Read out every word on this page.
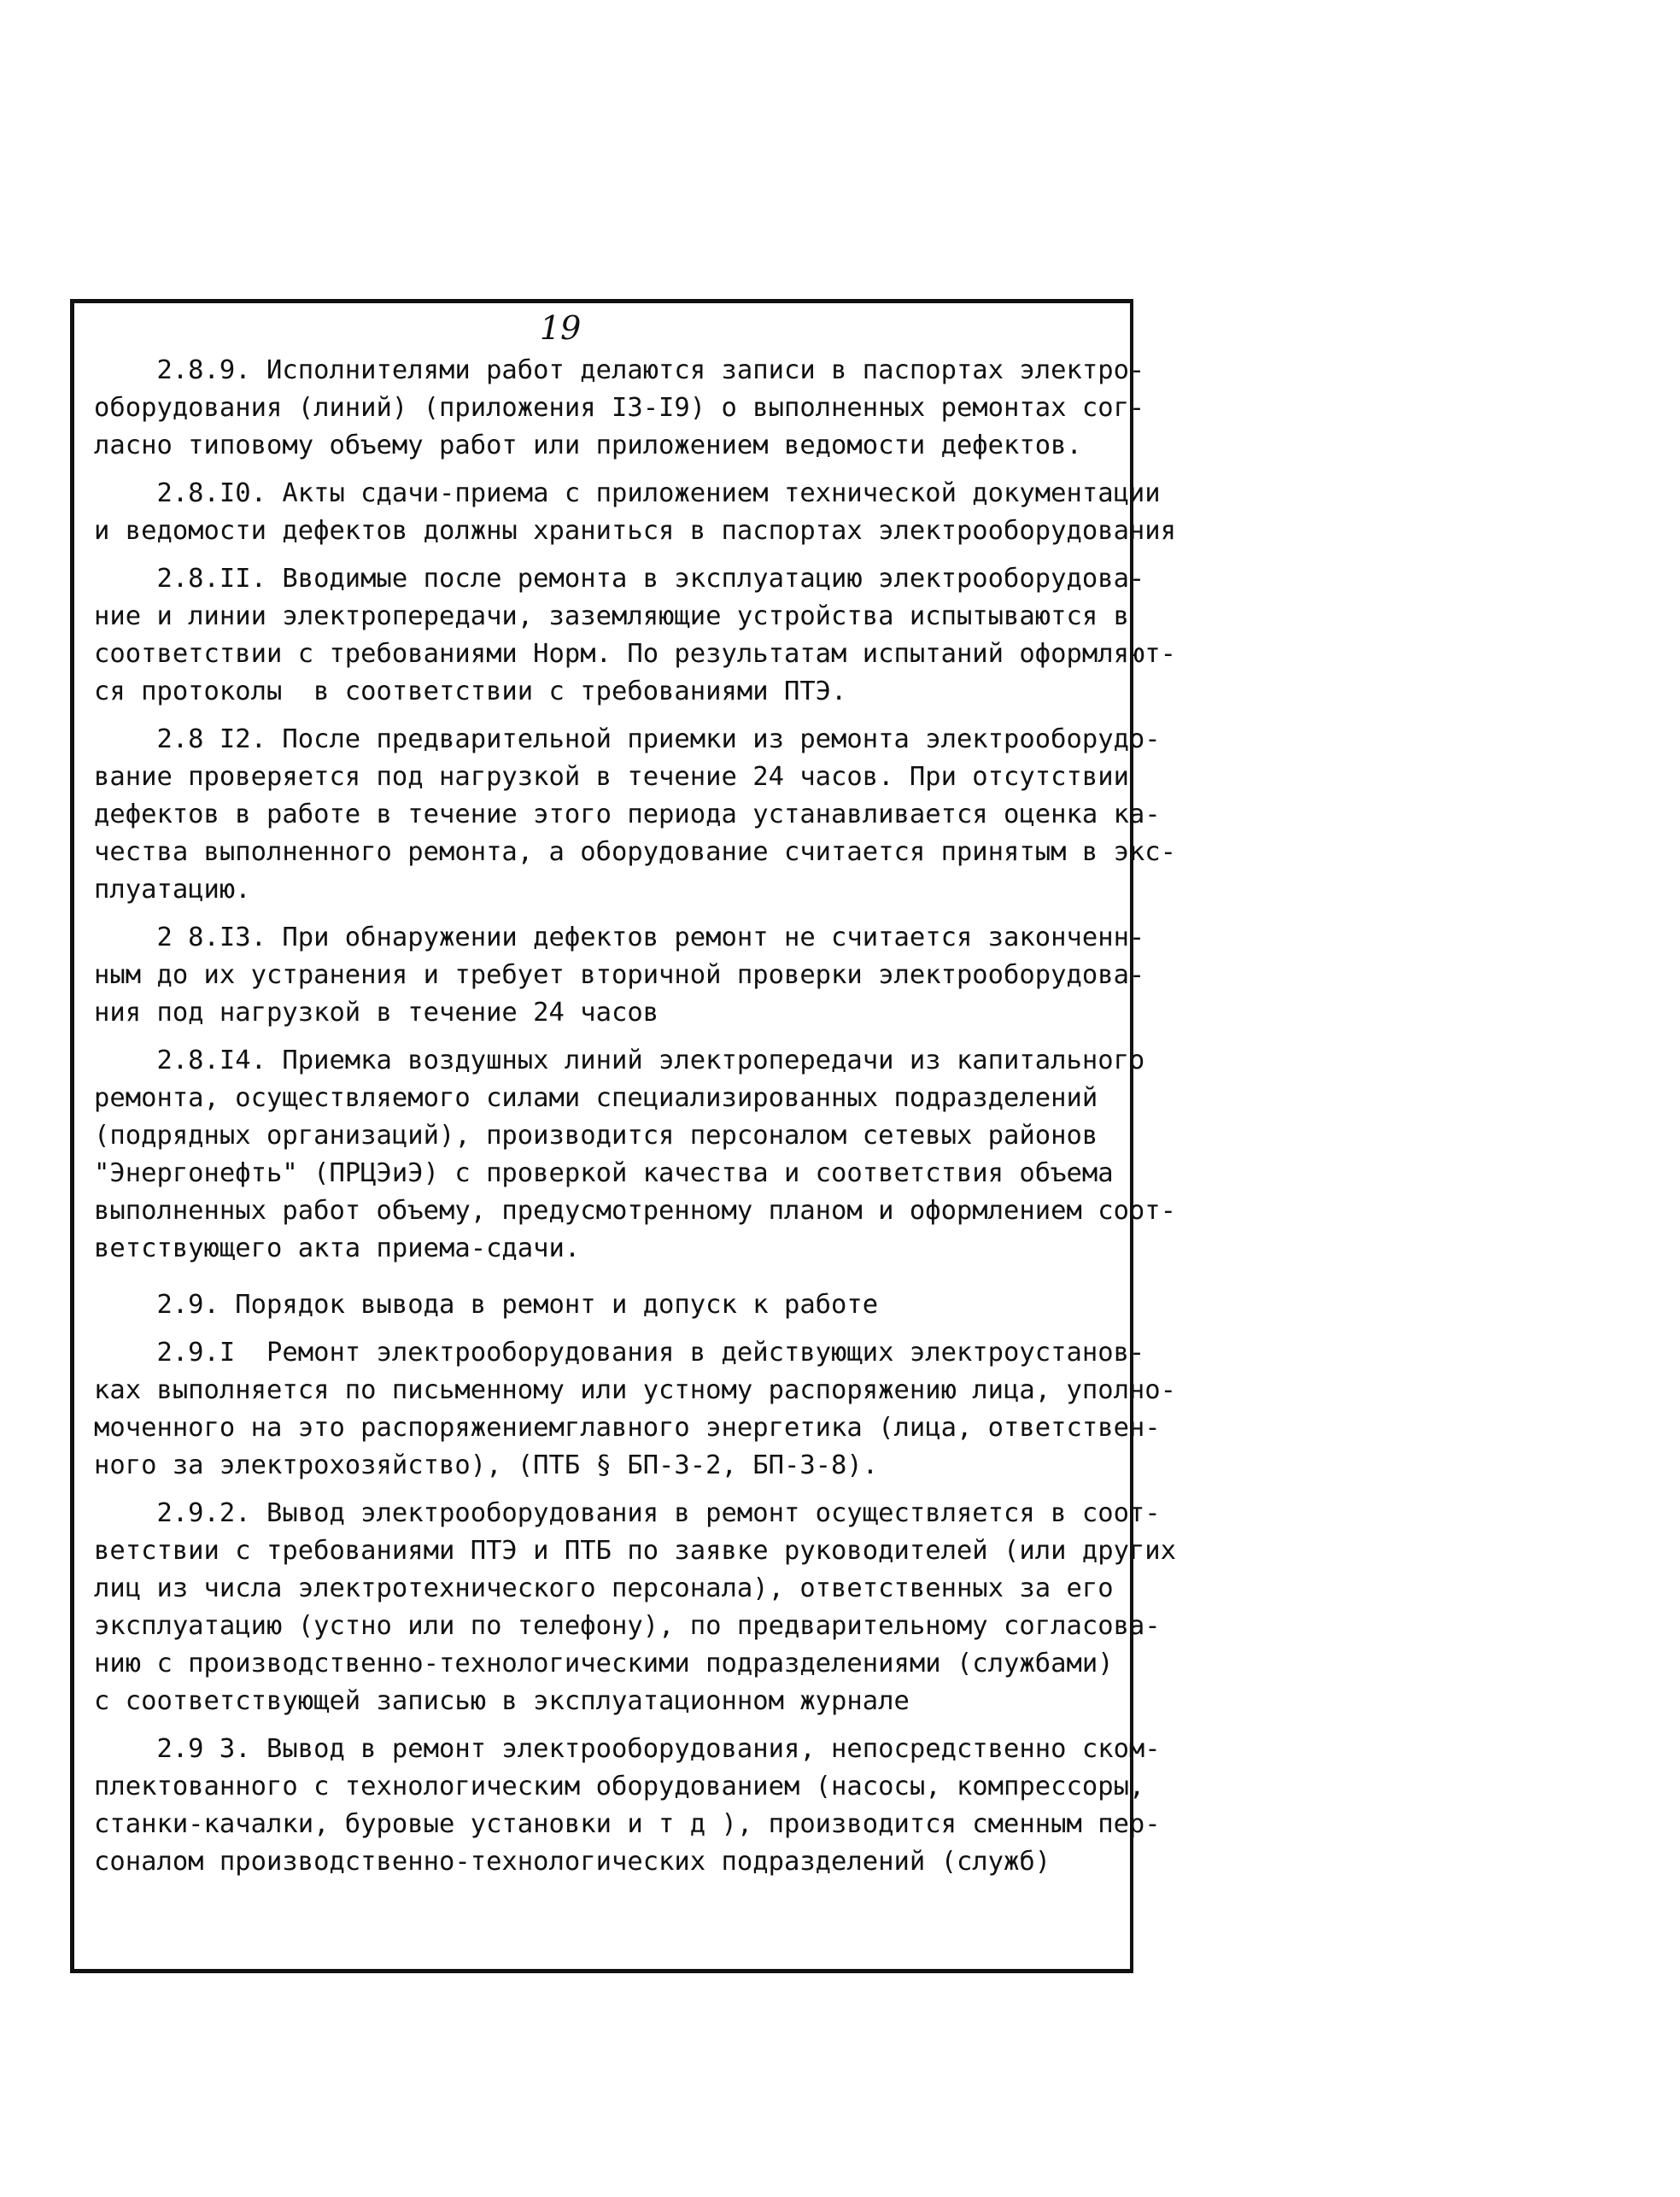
19
2.8.9. Исполнителями работ делаются записи в паспортах электро-
оборудования (линий) (приложения I3-I9) о выполненных ремонтах сог-
ласно типовому объему работ или приложением ведомости дефектов.
2.8.I0. Акты сдачи-приема с приложением технической документации
и ведомости дефектов должны храниться в паспортах электрооборудования
2.8.II. Вводимые после ремонта в эксплуатацию электрооборудова-
ние и линии электропередачи, заземляющие устройства испытываются в
соответствии с требованиями Норм. По результатам испытаний оформляют-
ся протоколы  в соответствии с требованиями ПТЭ.
2.8 I2. После предварительной приемки из ремонта электрооборудо-
вание проверяется под нагрузкой в течение 24 часов. При отсутствии
дефектов в работе в течение этого периода устанавливается оценка ка-
чества выполненного ремонта, а оборудование считается принятым в экс-
плуатацию.
2 8.I3. При обнаружении дефектов ремонт не считается законченн-
ным до их устранения и требует вторичной проверки электрооборудова-
ния под нагрузкой в течение 24 часов
2.8.I4. Приемка воздушных линий электропередачи из капитального
ремонта, осуществляемого силами специализированных подразделений
(подрядных организаций), производится персоналом сетевых районов
"Энергонефть" (ПРЦЭиЭ) с проверкой качества и соответствия объема
выполненных работ объему, предусмотренному планом и оформлением соот-
ветствующего акта приема-сдачи.
2.9. Порядок вывода в ремонт и допуск к работе
2.9.I  Ремонт электрооборудования в действующих электроустанов-
ках выполняется по письменному или устному распоряжению лица, уполно-
моченного на это распоряжениемглавного энергетика (лица, ответствен-
ного за электрохозяйство), (ПТБ § БП-3-2, БП-3-8).
2.9.2. Вывод электрооборудования в ремонт осуществляется в соот-
ветствии с требованиями ПТЭ и ПТБ по заявке руководителей (или других
лиц из числа электротехнического персонала), ответственных за его
эксплуатацию (устно или по телефону), по предварительному согласова-
нию с производственно-технологическими подразделениями (службами)
с соответствующей записью в эксплуатационном журнале
2.9 3. Вывод в ремонт электрооборудования, непосредственно ском-
плектованного с технологическим оборудованием (насосы, компрессоры,
станки-качалки, буровые установки и т д ), производится сменным пер-
соналом производственно-технологических подразделений (служб)
